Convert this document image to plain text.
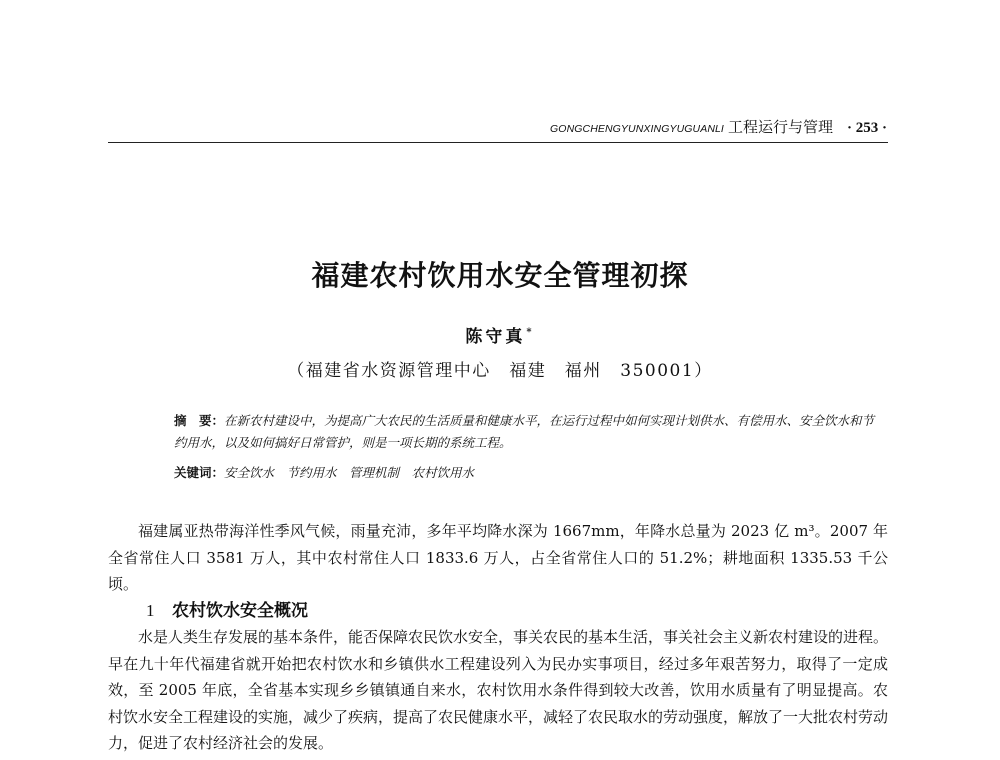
GONGCHENGYUNXINGYUGUANLI 工程运行与管理 · 253 ·
福建农村饮用水安全管理初探
陈守真*
（福建省水资源管理中心　福建　福州　350001）
摘　要：在新农村建设中，为提高广大农民的生活质量和健康水平，在运行过程中如何实现计划供水、有偿用水、安全饮水和节约用水，以及如何搞好日常管护，则是一项长期的系统工程。
关键词：安全饮水　节约用水　管理机制　农村饮用水

福建属亚热带海洋性季风气候，雨量充沛，多年平均降水深为 1667mm，年降水总量为 2023 亿 m³。2007 年全省常住人口 3581 万人，其中农村常住人口 1833.6 万人，占全省常住人口的 51.2%；耕地面积 1335.53 千公顷。

1 农村饮水安全概况

水是人类生存发展的基本条件，能否保障农民饮水安全，事关农民的基本生活，事关社会主义新农村建设的进程。早在九十年代福建省就开始把农村饮水和乡镇供水工程建设列入为民办实事项目，经过多年艰苦努力，取得了一定成效，至 2005 年底，全省基本实现乡乡镇镇通自来水，农村饮用水条件得到较大改善，饮用水质量有了明显提高。农村饮水安全工程建设的实施，减少了疾病，提高了农民健康水平，减轻了农民取水的劳动强度，解放了一大批农村劳动力，促进了农村经济社会的发展。
